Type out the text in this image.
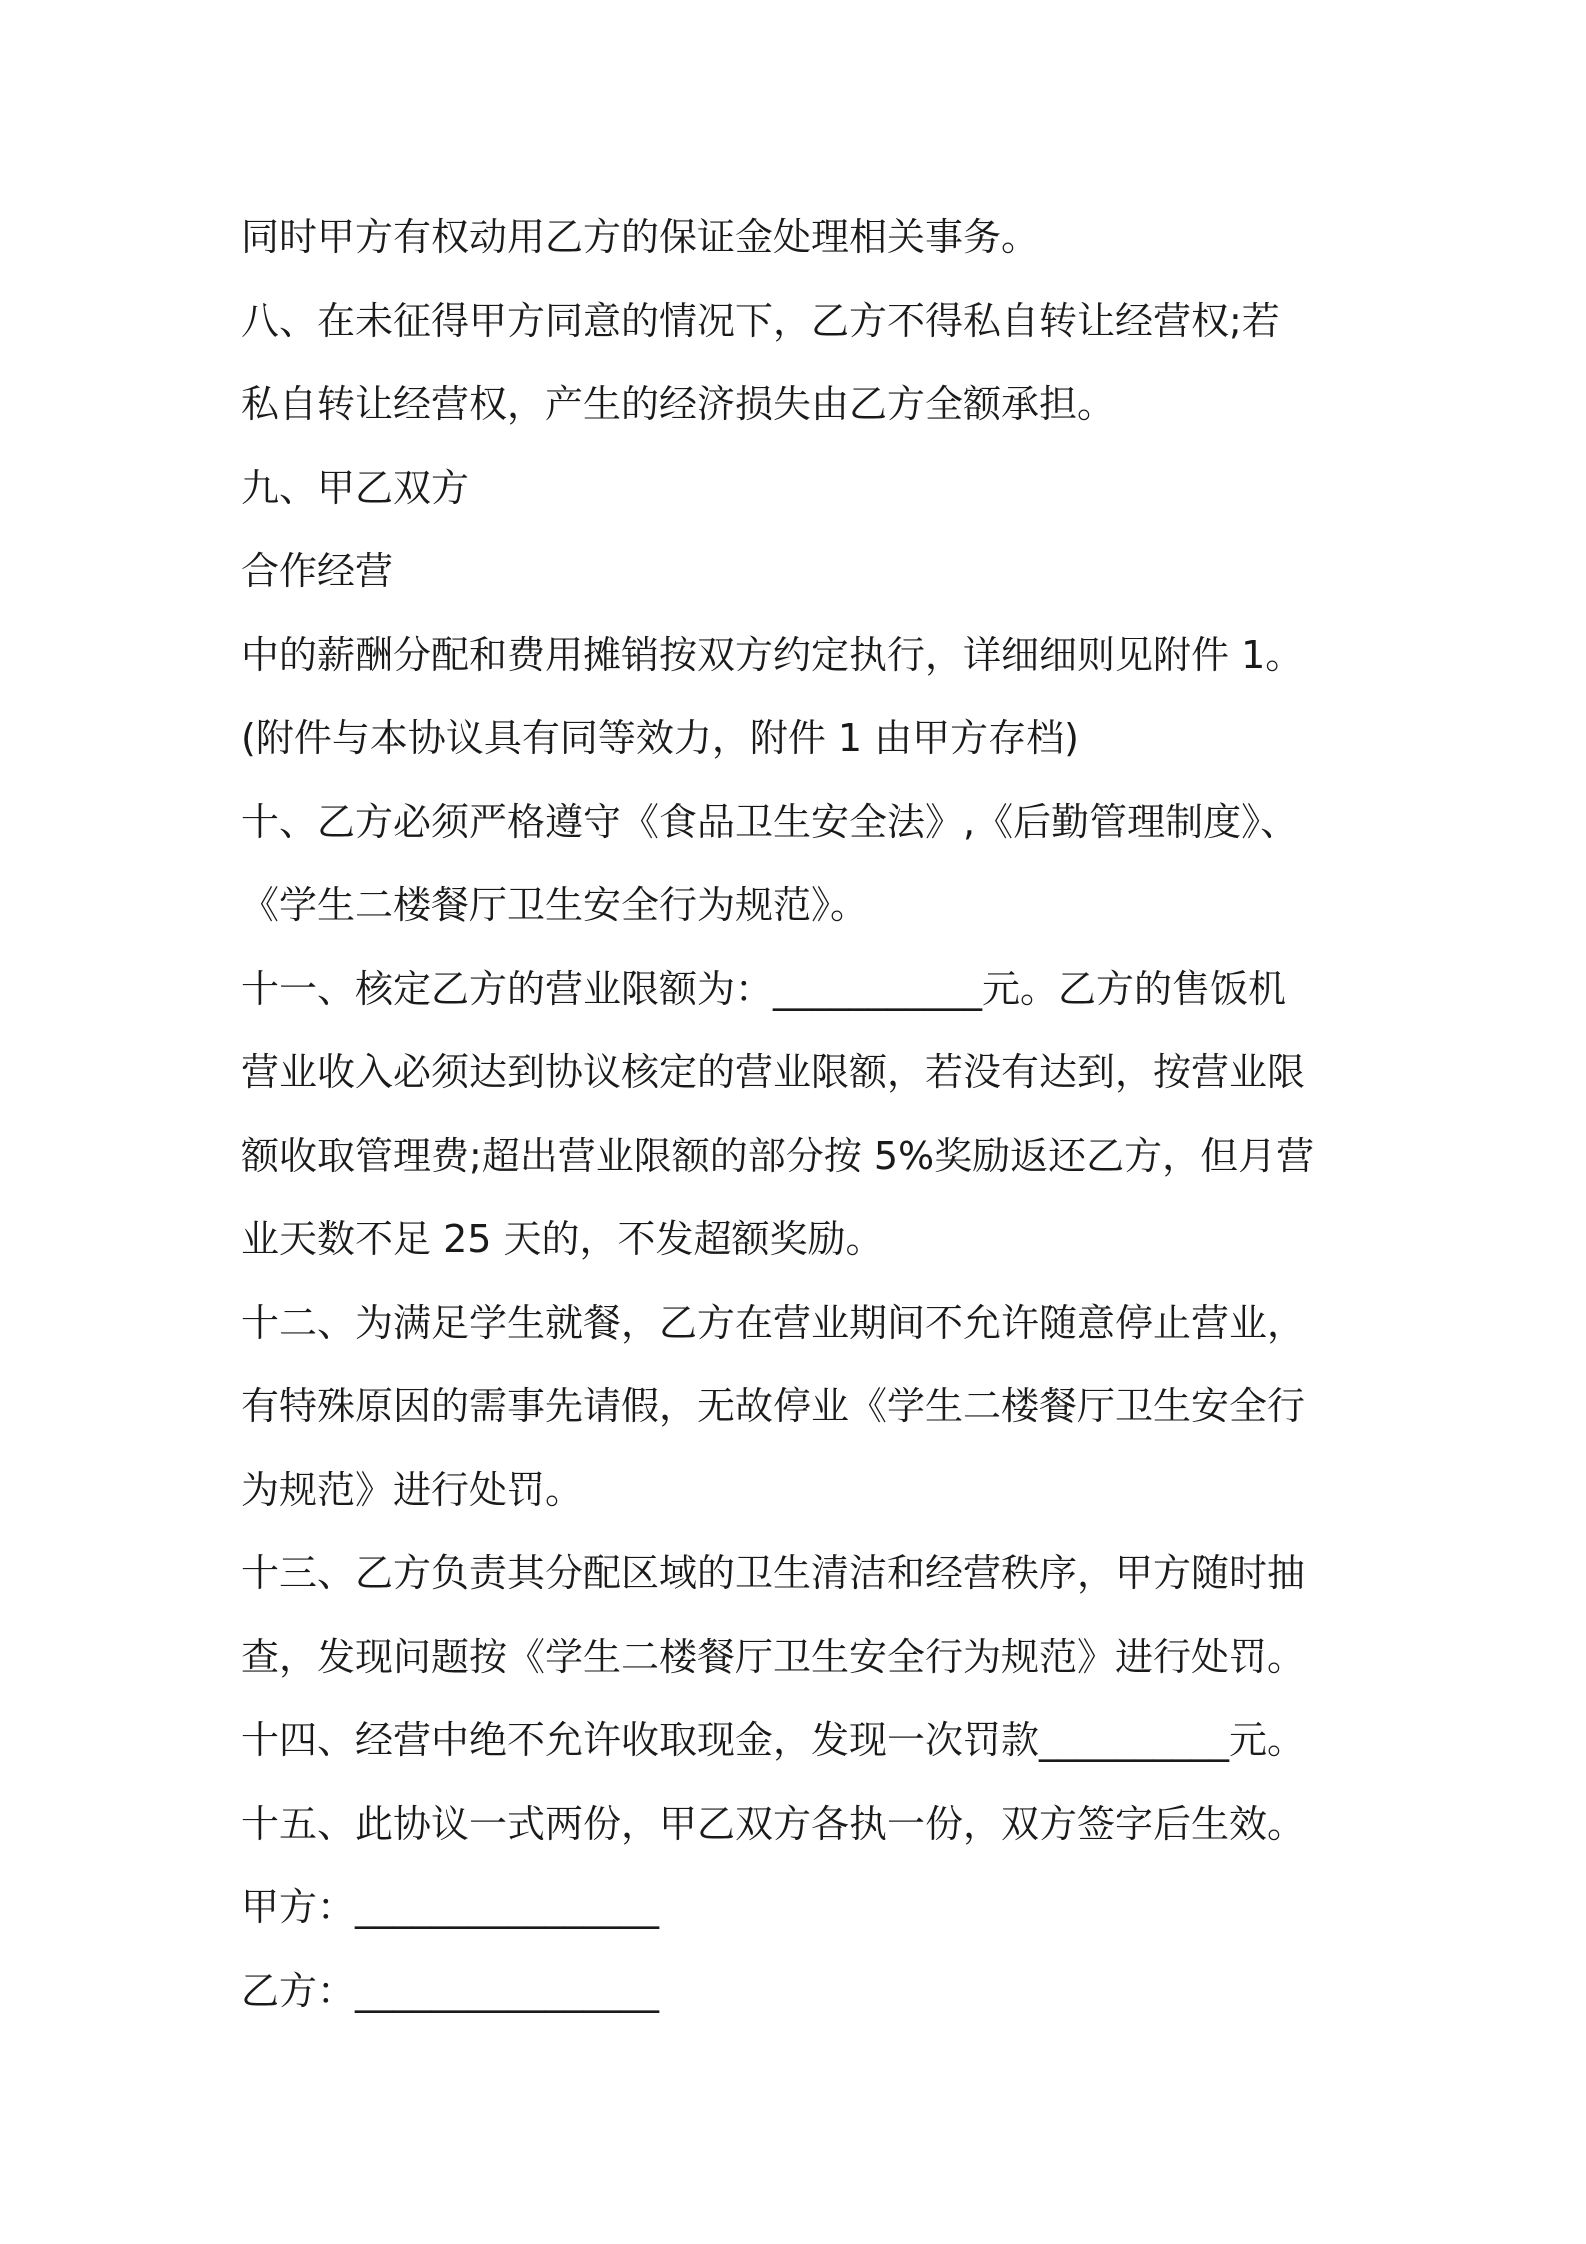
同时甲方有权动用乙方的保证金处理相关事务。
八、在未征得甲方同意的情况下，乙方不得私自转让经营权;若
私自转让经营权，产生的经济损失由乙方全额承担。
九、甲乙双方
合作经营
中的薪酬分配和费用摊销按双方约定执行，详细细则见附件 1。
(附件与本协议具有同等效力，附件 1 由甲方存档)
十、乙方必须严格遵守《食品卫生安全法》,《后勤管理制度》、
《学生二楼餐厅卫生安全行为规范》。
十一、核定乙方的营业限额为：___________元。乙方的售饭机
营业收入必须达到协议核定的营业限额，若没有达到，按营业限
额收取管理费;超出营业限额的部分按 5%奖励返还乙方，但月营
业天数不足 25 天的，不发超额奖励。
十二、为满足学生就餐，乙方在营业期间不允许随意停止营业，
有特殊原因的需事先请假，无故停业《学生二楼餐厅卫生安全行
为规范》进行处罚。
十三、乙方负责其分配区域的卫生清洁和经营秩序，甲方随时抽
查，发现问题按《学生二楼餐厅卫生安全行为规范》进行处罚。
十四、经营中绝不允许收取现金，发现一次罚款__________元。
十五、此协议一式两份，甲乙双方各执一份，双方签字后生效。
甲方：________________
乙方：________________
